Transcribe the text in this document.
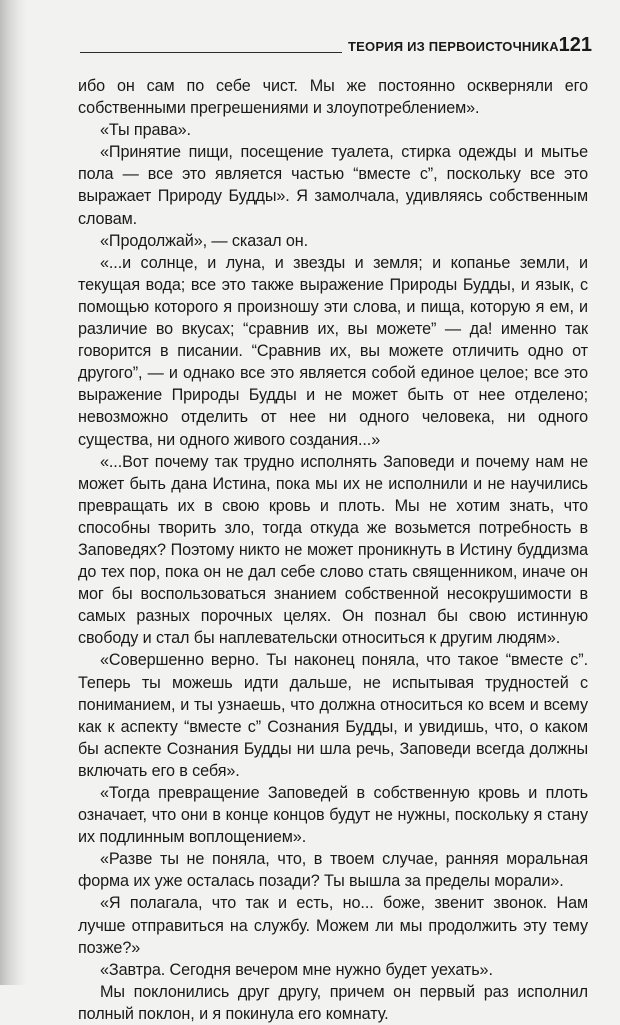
ТЕОРИЯ ИЗ ПЕРВОИСТОЧНИКА 121

ибо он сам по себе чист. Мы же постоянно оскверняли его собственными прегрешениями и злоупотреблением».

«Ты права».

«Принятие пищи, посещение туалета, стирка одежды и мытье пола — все это является частью “вместе с”, поскольку все это выражает Природу Будды». Я замолчала, удивляясь собственным словам.

«Продолжай», — сказал он.

«...и солнце, и луна, и звезды и земля; и копанье земли, и текущая вода; все это также выражение Природы Будды, и язык, с помощью которого я произношу эти слова, и пища, которую я ем, и различие во вкусах; “сравнив их, вы можете” — да! именно так говорится в писании. “Сравнив их, вы можете отличить одно от другого”, — и однако все это является собой единое целое; все это выражение Природы Будды и не может быть от нее отделено; невозможно отделить от нее ни одного человека, ни одного существа, ни одного живого создания...»

«...Вот почему так трудно исполнять Заповеди и почему нам не может быть дана Истина, пока мы их не исполнили и не научились превращать их в свою кровь и плоть. Мы не хотим знать, что способны творить зло, тогда откуда же возьмется потребность в Заповедях? Поэтому никто не может проникнуть в Истину буддизма до тех пор, пока он не дал себе слово стать священником, иначе он мог бы воспользоваться знанием собственной несокрушимости в самых разных порочных целях. Он познал бы свою истинную свободу и стал бы наплевательски относиться к другим людям».

«Совершенно верно. Ты наконец поняла, что такое “вместе с”. Теперь ты можешь идти дальше, не испытывая трудностей с пониманием, и ты узнаешь, что должна относиться ко всем и всему как к аспекту “вместе с” Сознания Будды, и увидишь, что, о каком бы аспекте Сознания Будды ни шла речь, Заповеди всегда должны включать его в себя».

«Тогда превращение Заповедей в собственную кровь и плоть означает, что они в конце концов будут не нужны, поскольку я стану их подлинным воплощением».

«Разве ты не поняла, что, в твоем случае, ранняя моральная форма их уже осталась позади? Ты вышла за пределы морали».

«Я полагала, что так и есть, но... боже, звенит звонок. Нам лучше отправиться на службу. Можем ли мы продолжить эту тему позже?»

«Завтра. Сегодня вечером мне нужно будет уехать».

Мы поклонились друг другу, причем он первый раз исполнил полный поклон, и я покинула его комнату.
